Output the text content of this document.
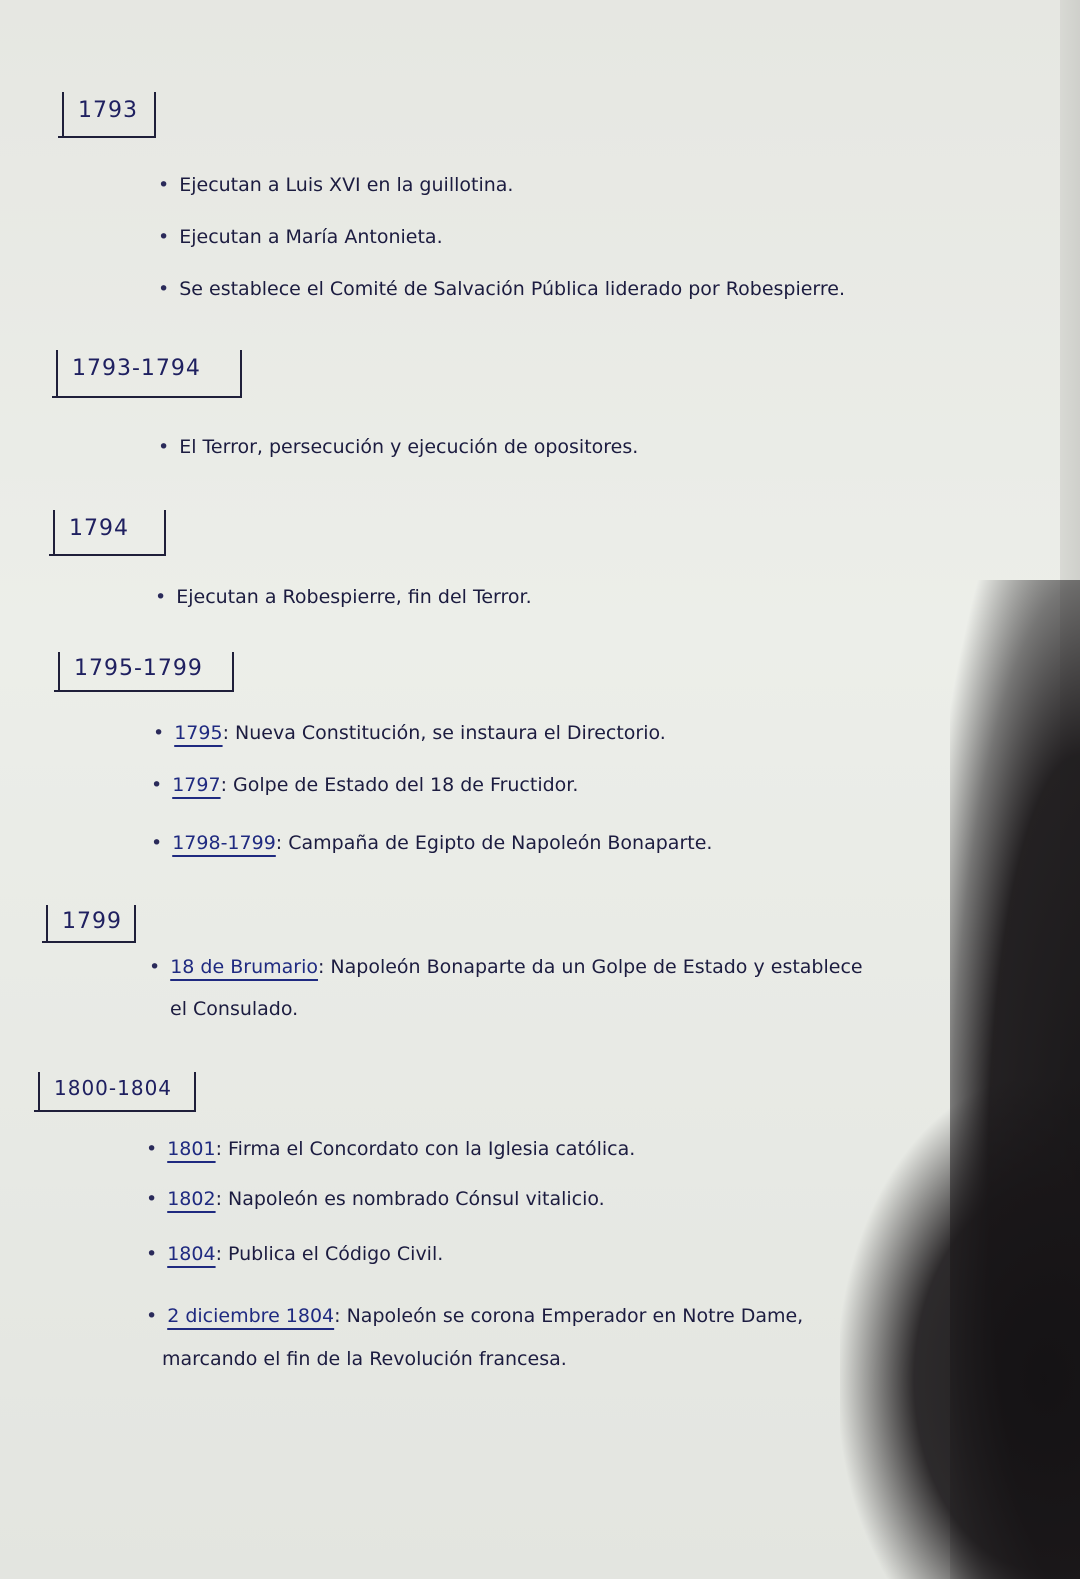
1793
• Ejecutan a Luis XVI en la guillotina.
• Ejecutan a María Antonieta.
• Se establece el Comité de Salvación Pública liderado por Robespierre.
1793-1794
• El Terror, persecución y ejecución de opositores.
1794
• Ejecutan a Robespierre, fin del Terror.
1795-1799
• 1795: Nueva Constitución, se instaura el Directorio.
• 1797: Golpe de Estado del 18 de Fructidor.
• 1798-1799: Campaña de Egipto de Napoleón Bonaparte.
1799
• 18 de Brumario: Napoleón Bonaparte da un Golpe de Estado y establece
el Consulado.
1800-1804
• 1801: Firma el Concordato con la Iglesia católica.
• 1802: Napoleón es nombrado Cónsul vitalicio.
• 1804: Publica el Código Civil.
• 2 diciembre 1804: Napoleón se corona Emperador en Notre Dame,
marcando el fin de la Revolución francesa.
